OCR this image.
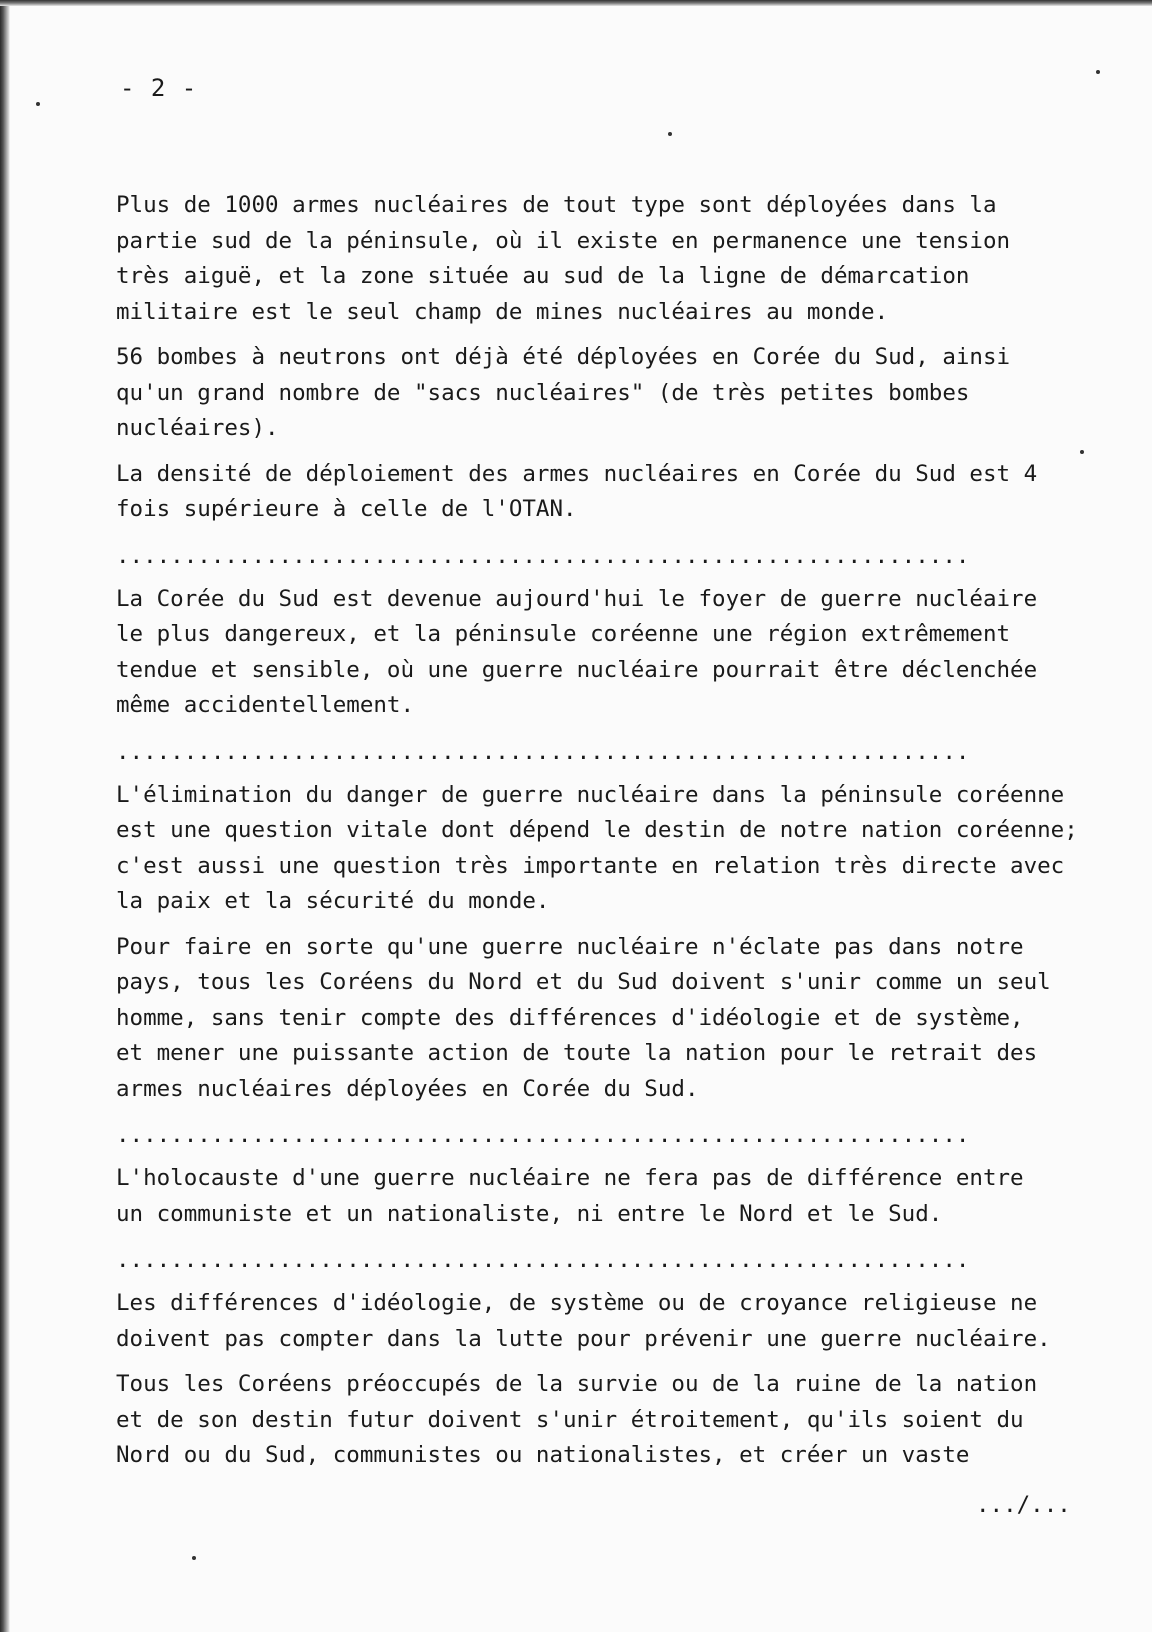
- 2 -

Plus de 1000 armes nucléaires de tout type sont déployées dans la
partie sud de la péninsule, où il existe en permanence une tension
très aiguë, et la zone située au sud de la ligne de démarcation
militaire est le seul champ de mines nucléaires au monde.

56 bombes à neutrons ont déjà été déployées en Corée du Sud, ainsi
qu'un grand nombre de "sacs nucléaires" (de très petites bombes
nucléaires).

La densité de déploiement des armes nucléaires en Corée du Sud est 4
fois supérieure à celle de l'OTAN.

...............................................................

La Corée du Sud est devenue aujourd'hui le foyer de guerre nucléaire
le plus dangereux, et la péninsule coréenne une région extrêmement
tendue et sensible, où une guerre nucléaire pourrait être déclenchée
même accidentellement.

...............................................................

L'élimination du danger de guerre nucléaire dans la péninsule coréenne
est une question vitale dont dépend le destin de notre nation coréenne;
c'est aussi une question très importante en relation très directe avec
la paix et la sécurité du monde.

Pour faire en sorte qu'une guerre nucléaire n'éclate pas dans notre
pays, tous les Coréens du Nord et du Sud doivent s'unir comme un seul
homme, sans tenir compte des différences d'idéologie et de système,
et mener une puissante action de toute la nation pour le retrait des
armes nucléaires déployées en Corée du Sud.

...............................................................

L'holocauste d'une guerre nucléaire ne fera pas de différence entre
un communiste et un nationaliste, ni entre le Nord et le Sud.

...............................................................

Les différences d'idéologie, de système ou de croyance religieuse ne
doivent pas compter dans la lutte pour prévenir une guerre nucléaire.

Tous les Coréens préoccupés de la survie ou de la ruine de la nation
et de son destin futur doivent s'unir étroitement, qu'ils soient du
Nord ou du Sud, communistes ou nationalistes, et créer un vaste

.../...
